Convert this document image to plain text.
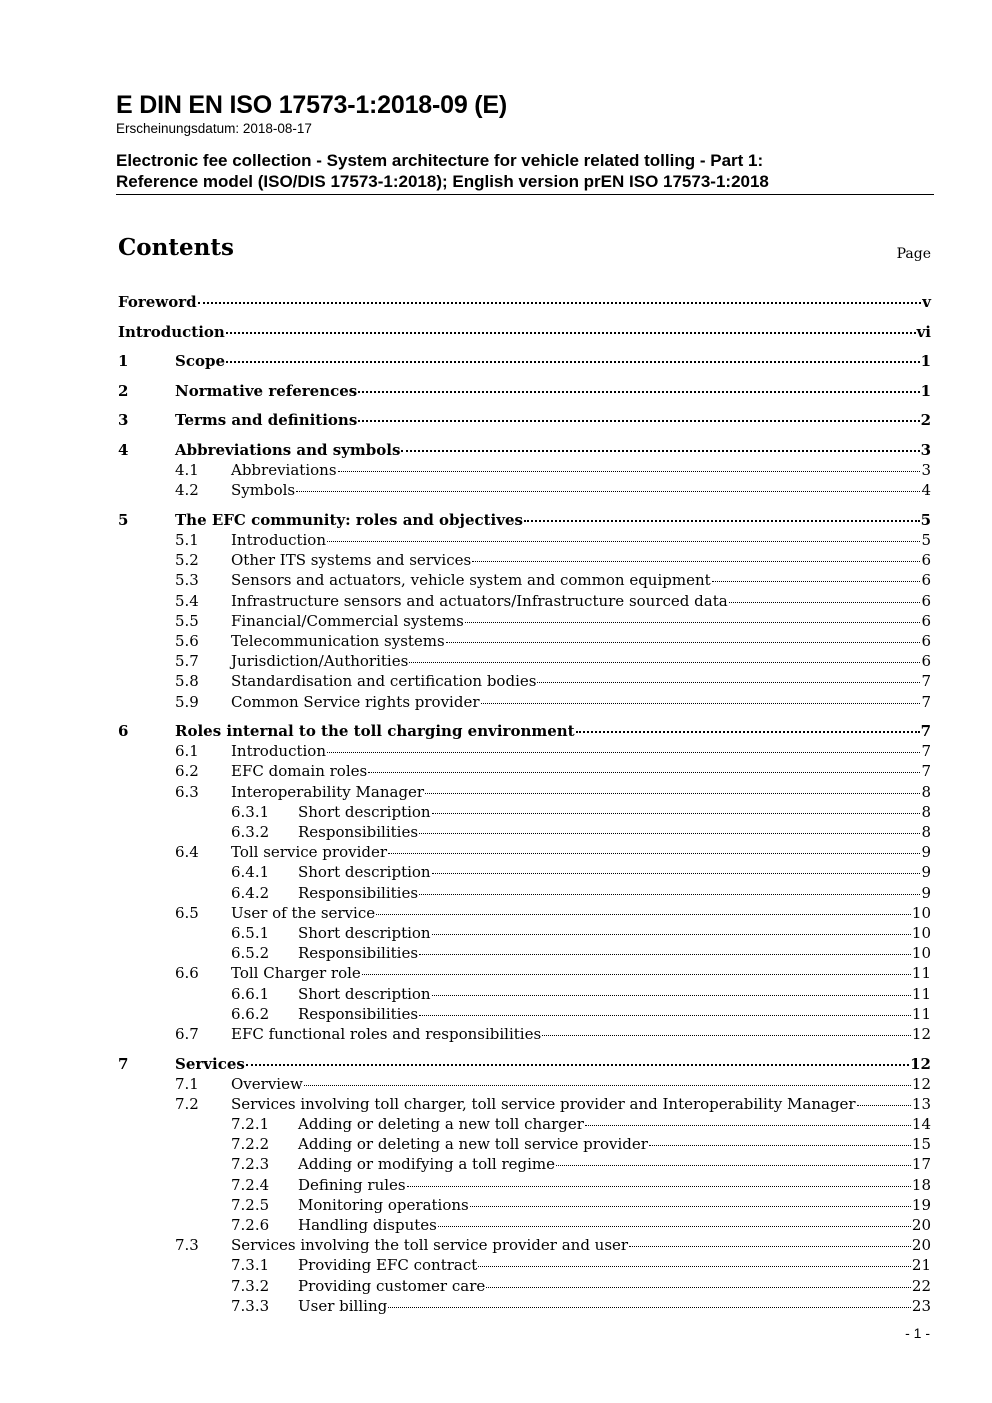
E DIN EN ISO 17573-1:2018-09 (E)
Erscheinungsdatum: 2018-08-17
Electronic fee collection - System architecture for vehicle related tolling - Part 1:
Reference model (ISO/DIS 17573-1:2018); English version prEN ISO 17573-1:2018
Contents	Page
Foreword	v
Introduction	vi
1	Scope	1
2	Normative references	1
3	Terms and definitions	2
4	Abbreviations and symbols	3
4.1	Abbreviations	3
4.2	Symbols	4
5	The EFC community: roles and objectives	5
5.1	Introduction	5
5.2	Other ITS systems and services	6
5.3	Sensors and actuators, vehicle system and common equipment	6
5.4	Infrastructure sensors and actuators/Infrastructure sourced data	6
5.5	Financial/Commercial systems	6
5.6	Telecommunication systems	6
5.7	Jurisdiction/Authorities	6
5.8	Standardisation and certification bodies	7
5.9	Common Service rights provider	7
6	Roles internal to the toll charging environment	7
6.1	Introduction	7
6.2	EFC domain roles	7
6.3	Interoperability Manager	8
6.3.1	Short description	8
6.3.2	Responsibilities	8
6.4	Toll service provider	9
6.4.1	Short description	9
6.4.2	Responsibilities	9
6.5	User of the service	10
6.5.1	Short description	10
6.5.2	Responsibilities	10
6.6	Toll Charger role	11
6.6.1	Short description	11
6.6.2	Responsibilities	11
6.7	EFC functional roles and responsibilities	12
7	Services	12
7.1	Overview	12
7.2	Services involving toll charger, toll service provider and Interoperability Manager	13
7.2.1	Adding or deleting a new toll charger	14
7.2.2	Adding or deleting a new toll service provider	15
7.2.3	Adding or modifying a toll regime	17
7.2.4	Defining rules	18
7.2.5	Monitoring operations	19
7.2.6	Handling disputes	20
7.3	Services involving the toll service provider and user	20
7.3.1	Providing EFC contract	21
7.3.2	Providing customer care	22
7.3.3	User billing	23
- 1 -
